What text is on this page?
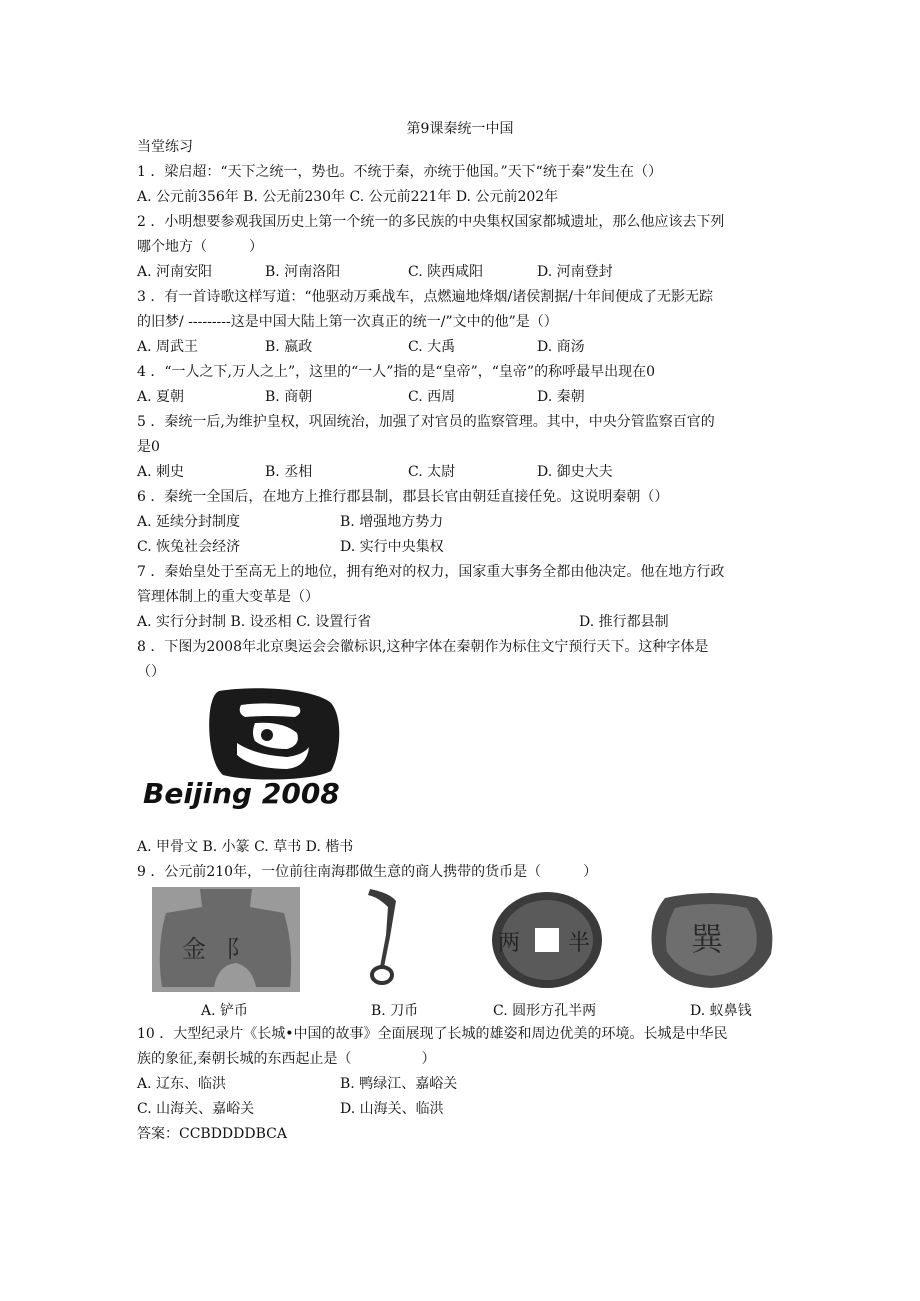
第9课秦统一中国
当堂练习
1 ．梁启超：“天下之统一，势也。不统于秦，亦统于他国。”天下“统于秦”发生在（）
A. 公元前356年 B. 公无前230年 C. 公元前221年 D. 公元前202年
2 ．小明想要参观我国历史上第一个统一的多民族的中央集权国家都城遗址，那么他应该去下列
哪个地方（　　　）
A. 河南安阳	B. 河南洛阳	C. 陕西咸阳	D. 河南登封
3 ．有一首诗歌这样写道：“他驱动万乘战车，点燃遍地烽烟/诸侯割据/十年间便成了无影无踪
的旧梦/ ---------这是中国大陆上第一次真正的统一/”文中的他”是（）
A. 周武王	B. 嬴政	C. 大禹	D. 商汤
4 ．“一人之下,万人之上”，这里的“一人”指的是“皇帝”，“皇帝”的称呼最早出现在0
A. 夏朝	B. 商朝	C. 西周	D. 秦朝
5 ．秦统一后,为维护皇权，巩固统治，加强了对官员的监察管理。其中，中央分管监察百官的
是0
A. 刺史	B. 丞相	C. 太尉	D. 御史大夫
6 ．秦统一全国后，在地方上推行郡县制，郡县长官由朝廷直接任免。这说明秦朝（）
A. 延续分封制度	B. 增强地方势力
C. 恢兔社会经济	D. 实行中央集权
7 ．秦始皇处于至高无上的地位，拥有绝对的权力，国家重大事务全都由他决定。他在地方行政
管理体制上的重大变革是（）
A. 实行分封制 B. 设丞相 C. 设置行省	D. 推行都县制
8 ．下图为2008年北京奥运会会徽标识,这种字体在秦朝作为标住文宁预行天下。这种字体是
（）
Beijing 2008
A. 甲骨文 B. 小篆 C. 草书 D. 楷书
9 ．公元前210年，一位前往南海郡做生意的商人携带的货币是（　　　）
金 阝
A. 铲币	B. 刀币
两 半
C. 圆形方孔半两
巽
D. 蚁鼻钱
10 ．大型纪录片《长城•中国的故事》全面展现了长城的雄姿和周边优美的环境。长城是中华民
族的象征,秦朝长城的东西起止是（　　　　　）
A. 辽东、临洪	B. 鸭绿江、嘉峪关
C. 山海关、嘉峪关	D. 山海关、临洪
答案：CCBDDDDBCA
